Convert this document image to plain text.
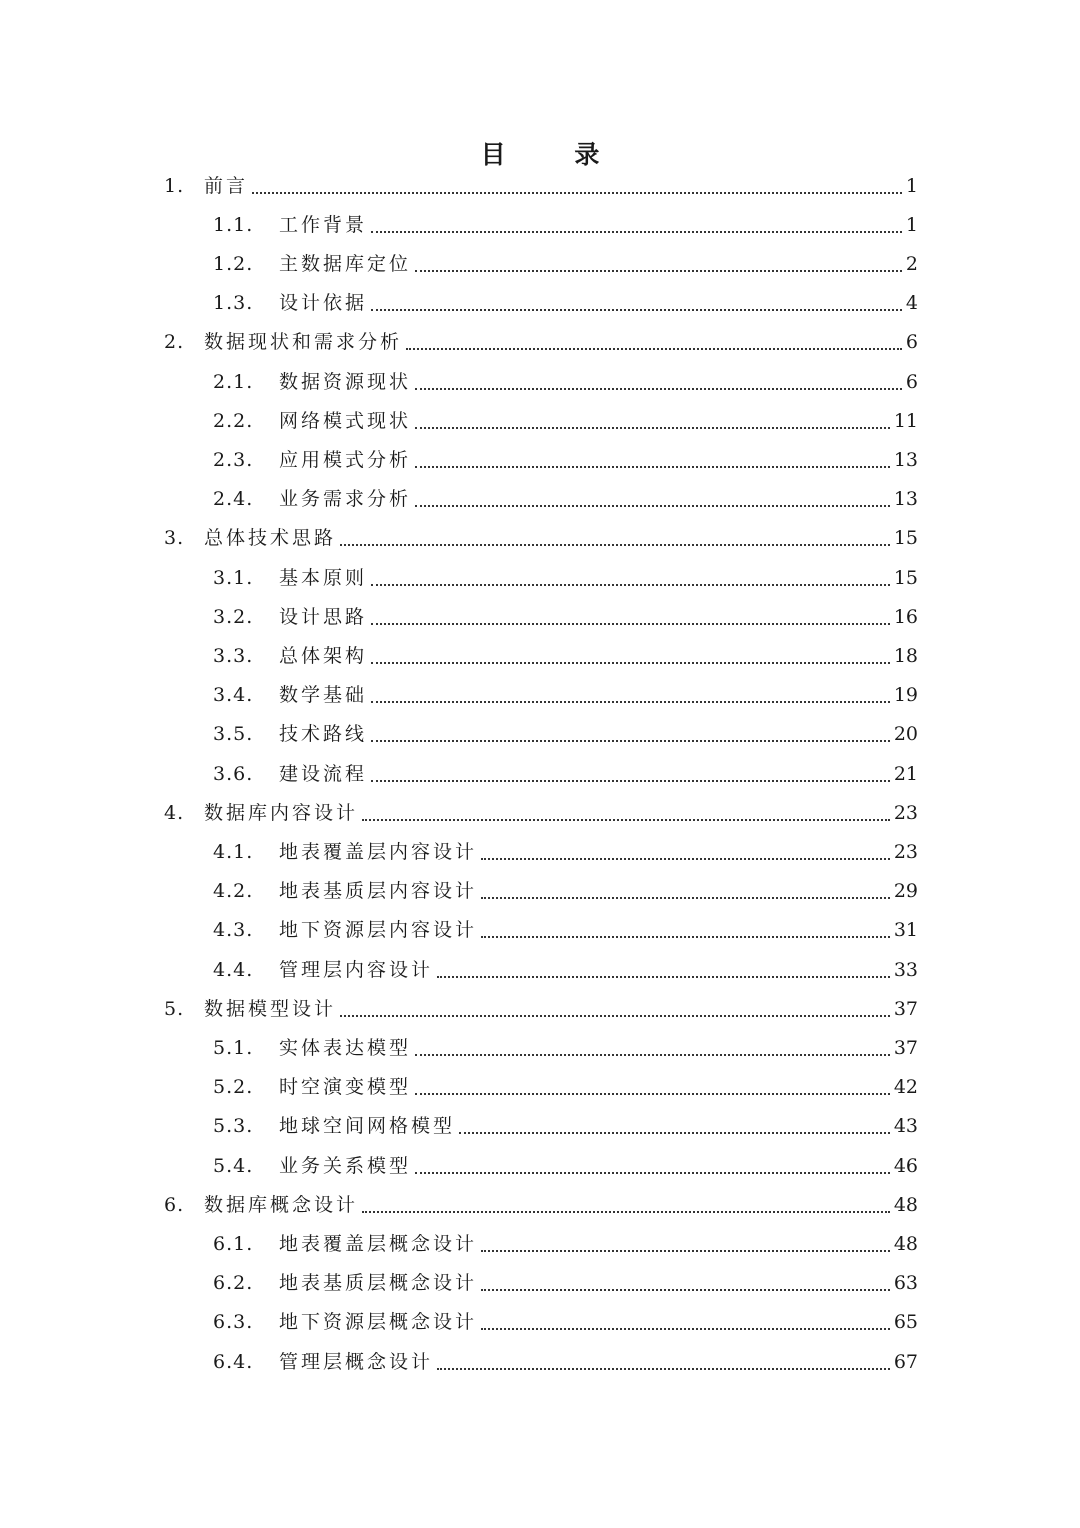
目 录
1.	前言	1
1.1.	工作背景	1
1.2.	主数据库定位	2
1.3.	设计依据	4
2.	数据现状和需求分析	6
2.1.	数据资源现状	6
2.2.	网络模式现状	11
2.3.	应用模式分析	13
2.4.	业务需求分析	13
3.	总体技术思路	15
3.1.	基本原则	15
3.2.	设计思路	16
3.3.	总体架构	18
3.4.	数学基础	19
3.5.	技术路线	20
3.6.	建设流程	21
4.	数据库内容设计	23
4.1.	地表覆盖层内容设计	23
4.2.	地表基质层内容设计	29
4.3.	地下资源层内容设计	31
4.4.	管理层内容设计	33
5.	数据模型设计	37
5.1.	实体表达模型	37
5.2.	时空演变模型	42
5.3.	地球空间网格模型	43
5.4.	业务关系模型	46
6.	数据库概念设计	48
6.1.	地表覆盖层概念设计	48
6.2.	地表基质层概念设计	63
6.3.	地下资源层概念设计	65
6.4.	管理层概念设计	67
